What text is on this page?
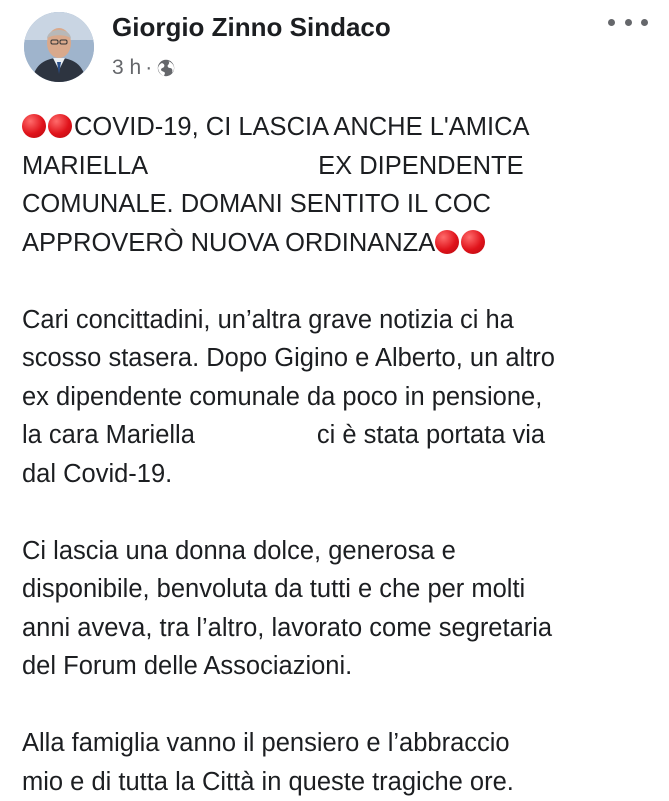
Giorgio Zinno Sindaco
3 h ·
COVID-19, CI LASCIA ANCHE L'AMICA
MARIELLA	EX DIPENDENTE
COMUNALE. DOMANI SENTITO IL COC
APPROVERÒ NUOVA ORDINANZA
Cari concittadini, un’altra grave notizia ci ha
scosso stasera. Dopo Gigino e Alberto, un altro
ex dipendente comunale da poco in pensione,
la cara Mariella	ci è stata portata via
dal Covid-19.
Ci lascia una donna dolce, generosa e
disponibile, benvoluta da tutti e che per molti
anni aveva, tra l’altro, lavorato come segretaria
del Forum delle Associazioni.
Alla famiglia vanno il pensiero e l’abbraccio
mio e di tutta la Città in queste tragiche ore.
